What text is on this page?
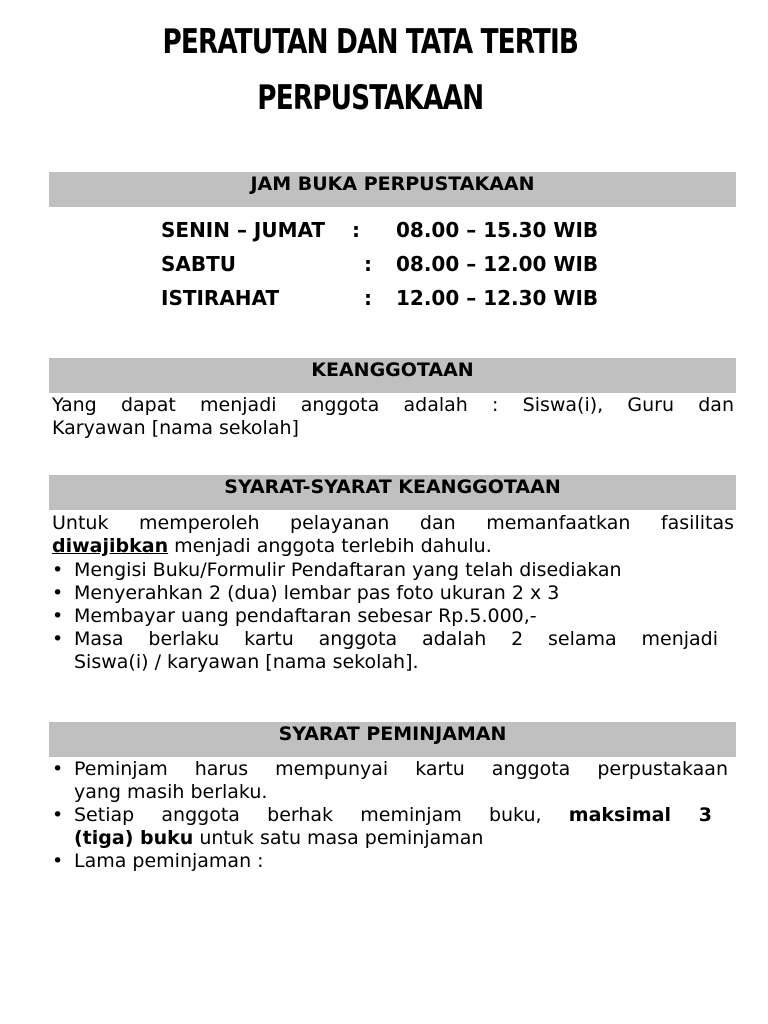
PERATUTAN DAN TATA TERTIB
PERPUSTAKAAN
JAM BUKA PERPUSTAKAAN
SENIN – JUMAT : 08.00 – 15.30 WIB
SABTU	: 08.00 – 12.00 WIB
ISTIRAHAT	: 12.00 – 12.30 WIB
KEANGGOTAAN
Yang dapat menjadi anggota adalah : Siswa(i), Guru dan
Karyawan [nama sekolah]
SYARAT-SYARAT KEANGGOTAAN
Untuk memperoleh pelayanan dan memanfaatkan fasilitas
diwajibkan menjadi anggota terlebih dahulu.
• Mengisi Buku/Formulir Pendaftaran yang telah disediakan
• Menyerahkan 2 (dua) lembar pas foto ukuran 2 x 3
• Membayar uang pendaftaran sebesar Rp.5.000,-
• Masa berlaku kartu anggota adalah 2 selama menjadi
Siswa(i) / karyawan [nama sekolah].
SYARAT PEMINJAMAN
• Peminjam harus mempunyai kartu anggota perpustakaan
yang masih berlaku.
• Setiap anggota berhak meminjam buku, maksimal 3
(tiga) buku untuk satu masa peminjaman
• Lama peminjaman :
